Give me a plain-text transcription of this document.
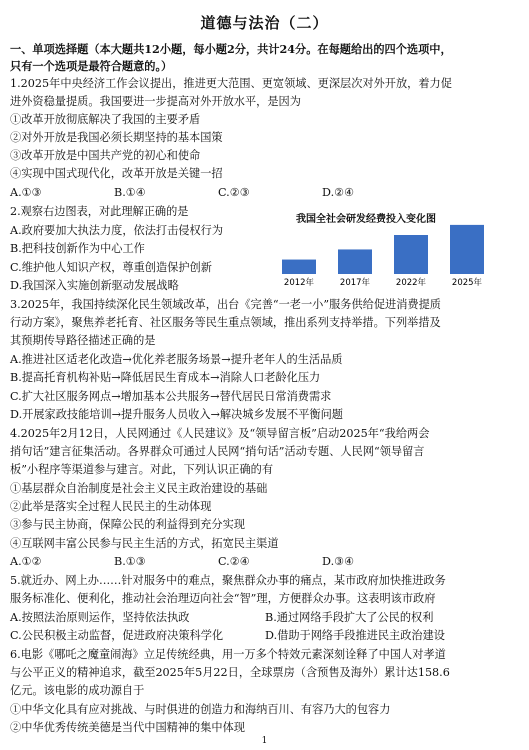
道德与法治（二）
一、单项选择题（本大题共12小题，每小题2分，共计24分。在每题给出的四个选项中，
只有一个选项是最符合题意的。）
1.2025年中央经济工作会议提出，推进更大范围、更宽领域、更深层次对外开放，着力促
进外资稳量提质。我国要进一步提高对外开放水平，是因为
①改革开放彻底解决了我国的主要矛盾
②对外开放是我国必须长期坚持的基本国策
③改革开放是中国共产党的初心和使命
④实现中国式现代化，改革开放是关键一招
A.①③	B.①④	C.②③	D.②④
2.观察右边图表，对此理解正确的是
A.政府要加大执法力度，依法打击侵权行为
B.把科技创新作为中心工作
C.维护他人知识产权，尊重创造保护创新
D.我国深入实施创新驱动发展战略
我国全社会研发经费投入变化图
2012年	2017年	2022年	2025年
3.2025年，我国持续深化民生领域改革，出台《完善“一老一小”服务供给促进消费提质
行动方案》，聚焦养老托育、社区服务等民生重点领域，推出系列支持举措。下列举措及
其预期传导路径描述正确的是
A.推进社区适老化改造→优化养老服务场景→提升老年人的生活品质
B.提高托育机构补贴→降低居民生育成本→消除人口老龄化压力
C.扩大社区服务网点→增加基本公共服务→替代居民日常消费需求
D.开展家政技能培训→提升服务人员收入→解决城乡发展不平衡问题
4.2025年2月12日，人民网通过《人民建议》及“领导留言板”启动2025年“我给两会
捎句话”建言征集活动。各界群众可通过人民网“捎句话”活动专题、人民网“领导留言
板”小程序等渠道参与建言。对此，下列认识正确的有
①基层群众自治制度是社会主义民主政治建设的基础
②此举是落实全过程人民民主的生动体现
③参与民主协商，保障公民的利益得到充分实现
④互联网丰富公民参与民主生活的方式，拓宽民主渠道
A.①②	B.①③	C.②④	D.③④
5.就近办、网上办……针对服务中的难点，聚焦群众办事的痛点，某市政府加快推进政务
服务标准化、便利化，推动社会治理迈向社会“智”理，方便群众办事。这表明该市政府
A.按照法治原则运作，坚持依法执政	B.通过网络手段扩大了公民的权利
C.公民积极主动监督，促进政府决策科学化	D.借助于网络手段推进民主政治建设
6.电影《哪吒之魔童闹海》立足传统经典，用一万多个特效元素深刻诠释了中国人对孝道
与公平正义的精神追求，截至2025年5月22日，全球票房（含预售及海外）累计达158.6
亿元。该电影的成功源自于
①中华文化具有应对挑战、与时俱进的创造力和海纳百川、有容乃大的包容力
②中华优秀传统美德是当代中国精神的集中体现
1
